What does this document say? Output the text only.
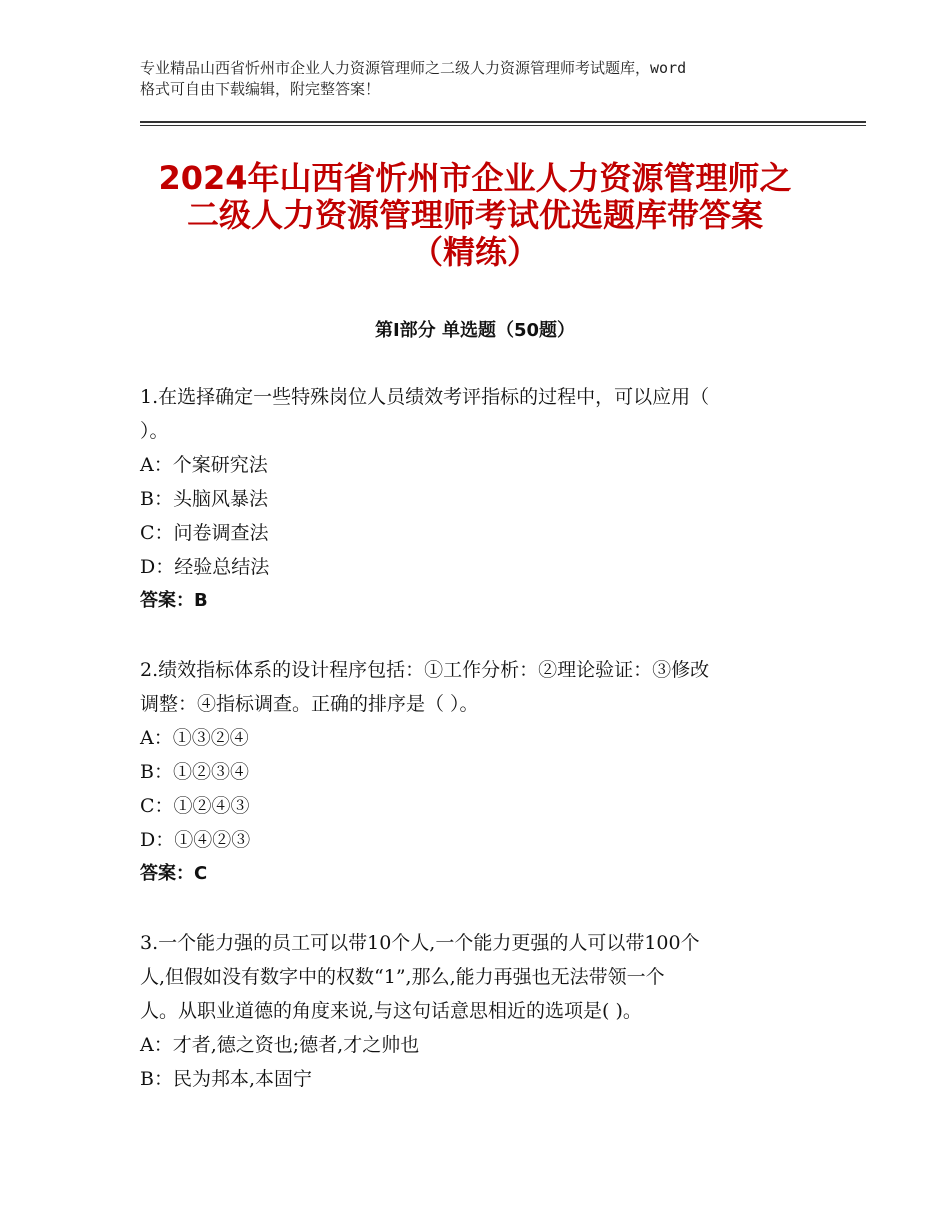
专业精品山西省忻州市企业人力资源管理师之二级人力资源管理师考试题库，word
格式可自由下载编辑，附完整答案！
2024年山西省忻州市企业人力资源管理师之
二级人力资源管理师考试优选题库带答案
（精练）
第Ⅰ部分 单选题（50题）
1.在选择确定一些特殊岗位人员绩效考评指标的过程中，可以应用（
）。
A：个案研究法
B：头脑风暴法
C：问卷调查法
D：经验总结法
答案：B
2.绩效指标体系的设计程序包括：①工作分析：②理论验证：③修改
调整：④指标调查。正确的排序是（ ）。
A：①③②④
B：①②③④
C：①②④③
D：①④②③
答案：C
3.一个能力强的员工可以带10个人,一个能力更强的人可以带100个
人,但假如没有数字中的权数“1”,那么,能力再强也无法带领一个
人。从职业道德的角度来说,与这句话意思相近的选项是( )。
A：才者,德之资也;德者,才之帅也
B：民为邦本,本固宁
